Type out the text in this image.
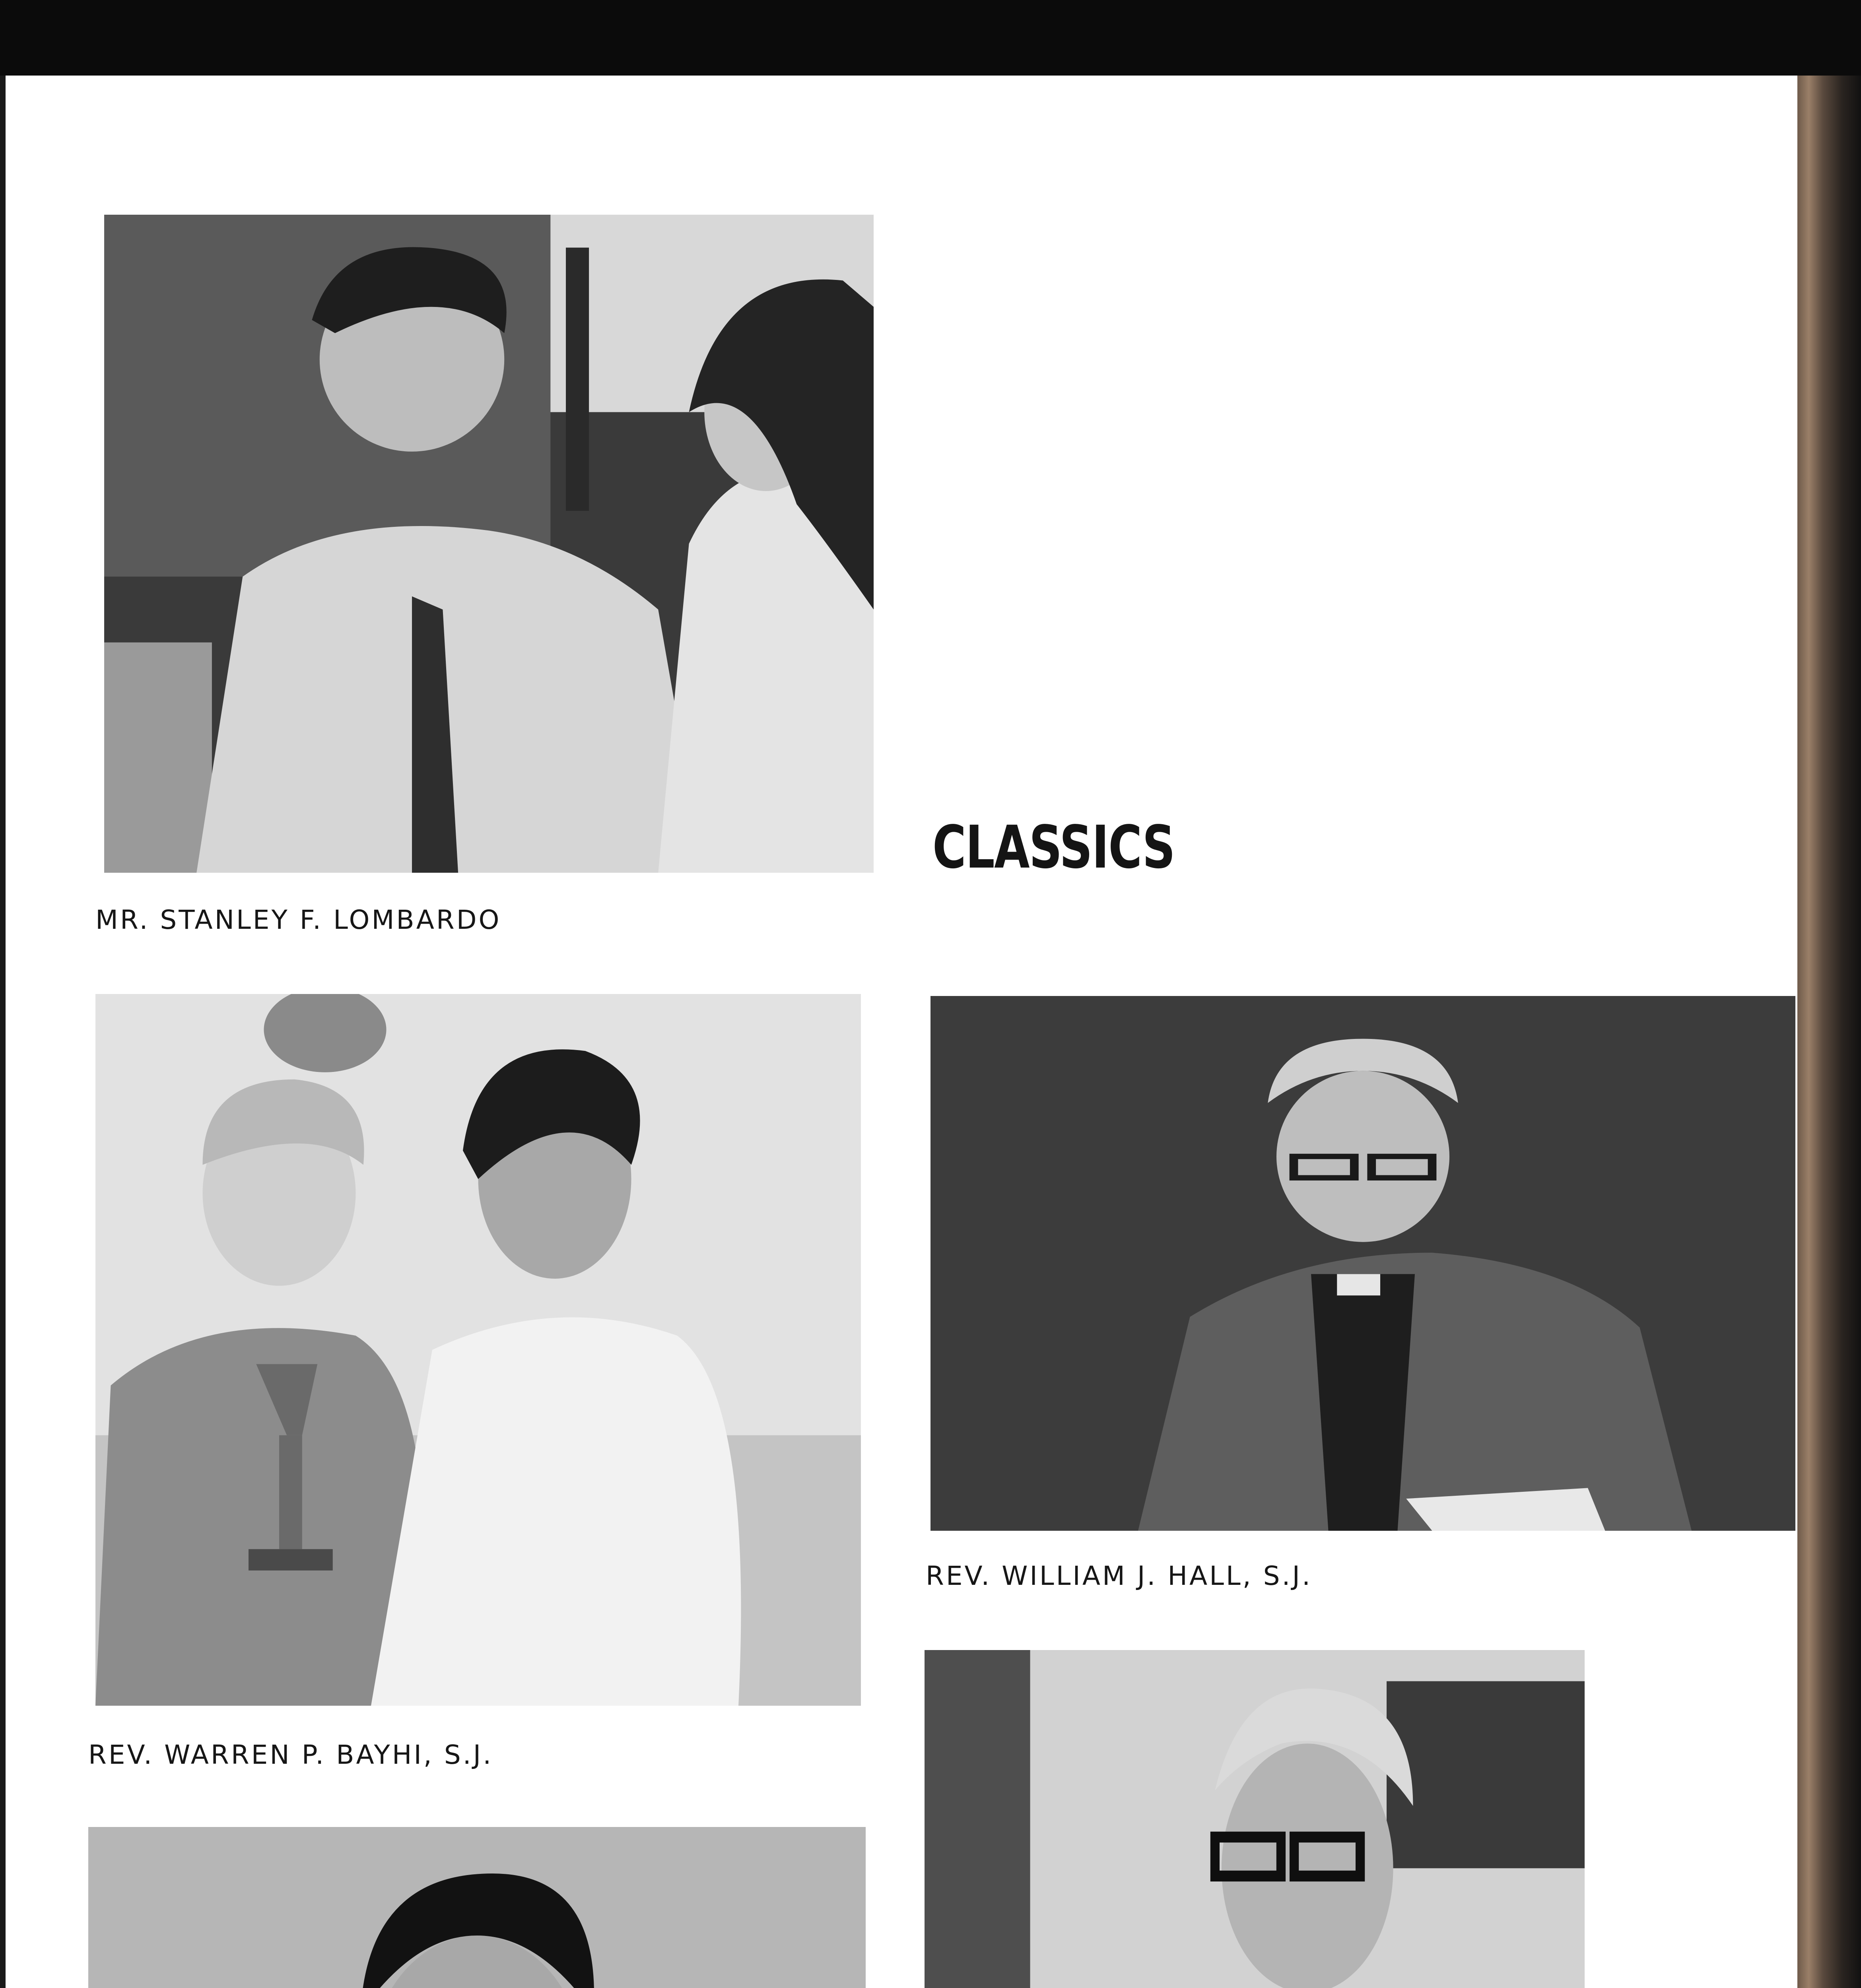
MR. STANLEY F. LOMBARDO
CLASSICS
REV. WARREN P. BAYHI, S.J.
REV. WILLIAM J. HALL, S.J.
